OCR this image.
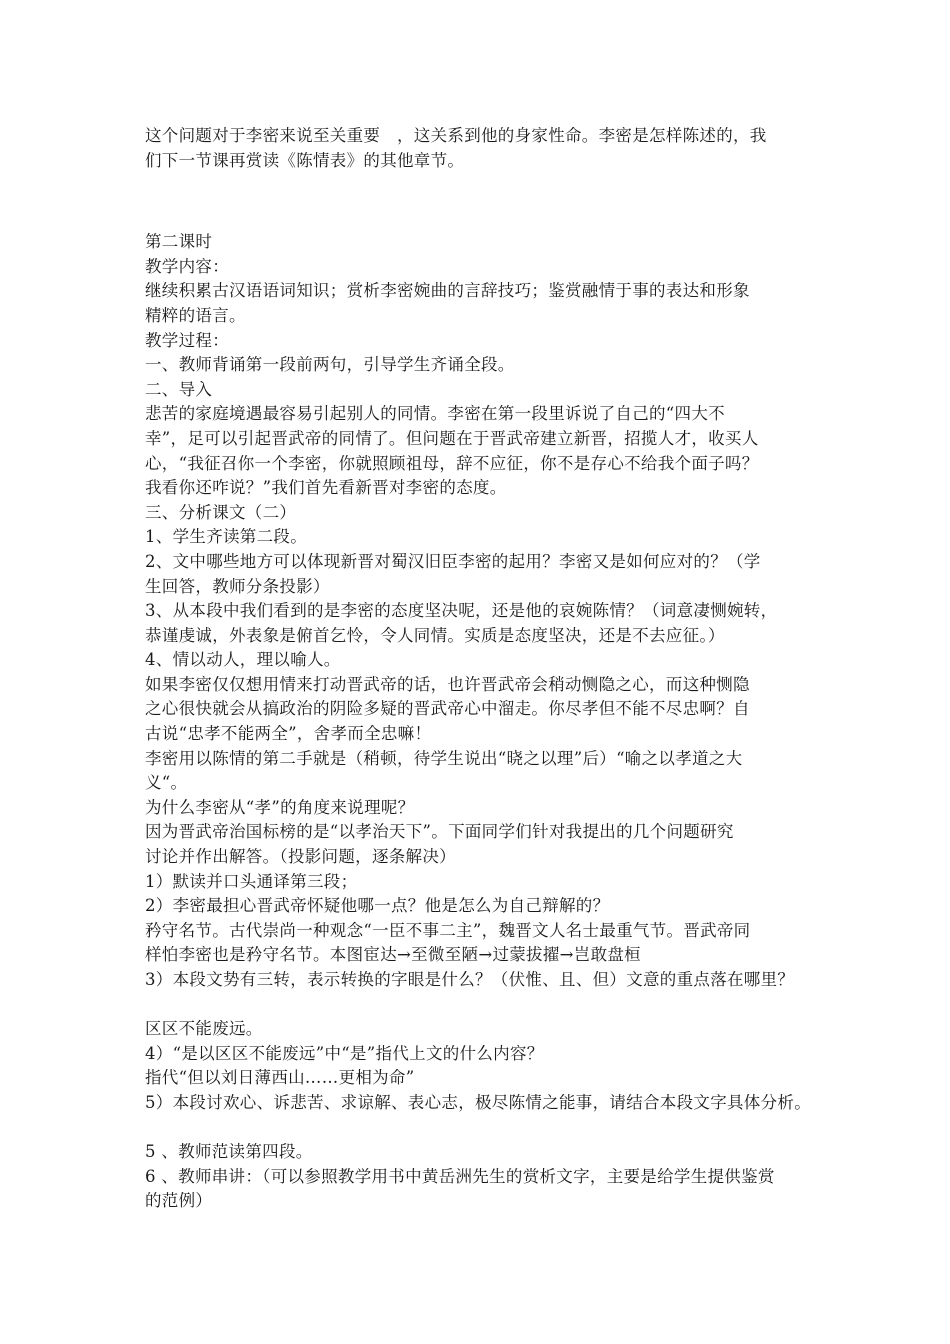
这个问题对于李密来说至关重要　，这关系到他的身家性命。李密是怎样陈述的，我
们下一节课再赏读《陈情表》的其他章节。
第二课时
教学内容：
继续积累古汉语语词知识；赏析李密婉曲的言辞技巧；鉴赏融情于事的表达和形象
精粹的语言。
教学过程：
一、教师背诵第一段前两句，引导学生齐诵全段。
二、导入
悲苦的家庭境遇最容易引起别人的同情。李密在第一段里诉说了自己的“四大不
幸”，足可以引起晋武帝的同情了。但问题在于晋武帝建立新晋，招揽人才，收买人
心，“我征召你一个李密，你就照顾祖母，辞不应征，你不是存心不给我个面子吗？
我看你还咋说？”我们首先看新晋对李密的态度。
三、分析课文（二）
1、学生齐读第二段。
2、文中哪些地方可以体现新晋对蜀汉旧臣李密的起用？李密又是如何应对的？（学
生回答，教师分条投影）
3、从本段中我们看到的是李密的态度坚决呢，还是他的哀婉陈情？（词意凄恻婉转，
恭谨虔诚，外表象是俯首乞怜，令人同情。实质是态度坚决，还是不去应征。）
4、情以动人，理以喻人。
如果李密仅仅想用情来打动晋武帝的话，也许晋武帝会稍动恻隐之心，而这种恻隐
之心很快就会从搞政治的阴险多疑的晋武帝心中溜走。你尽孝但不能不尽忠啊？自
古说“忠孝不能两全”，舍孝而全忠嘛！
李密用以陈情的第二手就是（稍顿，待学生说出“晓之以理”后）“喻之以孝道之大
义“。
为什么李密从“孝”的角度来说理呢？
因为晋武帝治国标榜的是“以孝治天下”。下面同学们针对我提出的几个问题研究
讨论并作出解答。（投影问题，逐条解决）
1）默读并口头通译第三段；
2）李密最担心晋武帝怀疑他哪一点？他是怎么为自己辩解的？
矜守名节。古代崇尚一种观念“一臣不事二主”，魏晋文人名士最重气节。晋武帝同
样怕李密也是矜守名节。本图宦达→至微至陋→过蒙拔擢→岂敢盘桓
3）本段文势有三转，表示转换的字眼是什么？（伏惟、且、但）文意的重点落在哪里？
区区不能废远。
4）“是以区区不能废远”中“是”指代上文的什么内容？
指代“但以刘日薄西山……更相为命”
5）本段讨欢心、诉悲苦、求谅解、表心志，极尽陈情之能事，请结合本段文字具体分析。
5 、教师范读第四段。
6 、教师串讲：（可以参照教学用书中黄岳洲先生的赏析文字，主要是给学生提供鉴赏
的范例）
